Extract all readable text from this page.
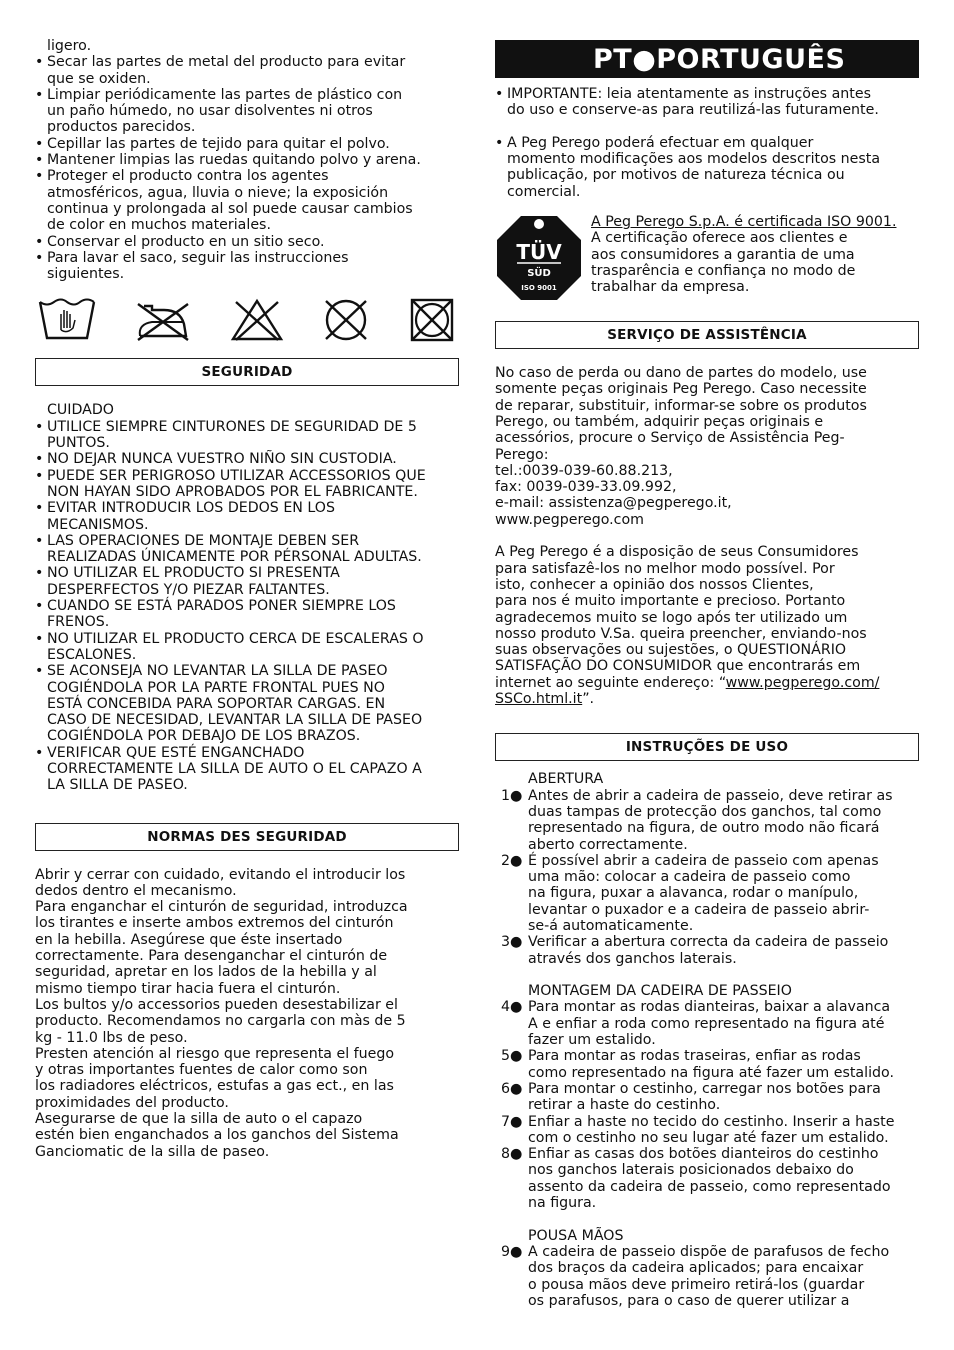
ligero.
• Secar las partes de metal del producto para evitar
que se oxiden.
• Limpiar periódicamente las partes de plástico con
un paño húmedo, no usar disolventes ni otros
productos parecidos.
• Cepillar las partes de tejido para quitar el polvo.
• Mantener limpias las ruedas quitando polvo y arena.
• Proteger el producto contra los agentes
atmosféricos, agua, lluvia o nieve; la exposición
continua y prolongada al sol puede causar cambios
de color en muchos materiales.
• Conservar el producto en un sitio seco.
• Para lavar el saco, seguir las instrucciones
siguientes.
SEGURIDAD
CUIDADO
• UTILICE SIEMPRE CINTURONES DE SEGURIDAD DE 5
PUNTOS.
• NO DEJAR NUNCA VUESTRO NIÑO SIN CUSTODIA.
• PUEDE SER PERIGROSO UTILIZAR ACCESSORIOS QUE
NON HAYAN SIDO APROBADOS POR EL FABRICANTE.
• EVITAR INTRODUCIR LOS DEDOS EN LOS
MECANISMOS.
• LAS OPERACIONES DE MONTAJE DEBEN SER
REALIZADAS ÚNICAMENTE POR PÉRSONAL ADULTAS.
• NO UTILIZAR EL PRODUCTO SI PRESENTA
DESPERFECTOS Y/O PIEZAR FALTANTES.
• CUANDO SE ESTÁ PARADOS PONER SIEMPRE LOS
FRENOS.
• NO UTILIZAR EL PRODUCTO CERCA DE ESCALERAS O
ESCALONES.
• SE ACONSEJA NO LEVANTAR LA SILLA DE PASEO
COGIÉNDOLA POR LA PARTE FRONTAL PUES NO
ESTÁ CONCEBIDA PARA SOPORTAR CARGAS. EN
CASO DE NECESIDAD, LEVANTAR LA SILLA DE PASEO
COGIÉNDOLA POR DEBAJO DE LOS BRAZOS.
• VERIFICAR QUE ESTÉ ENGANCHADO
CORRECTAMENTE LA SILLA DE AUTO O EL CAPAZO A
LA SILLA DE PASEO.
NORMAS DES SEGURIDAD
Abrir y cerrar con cuidado, evitando el introducir los
dedos dentro el mecanismo.
Para enganchar el cinturón de seguridad, introduzca
los tirantes e inserte ambos extremos del cinturón
en la hebilla. Asegúrese que éste insertado
correctamente. Para desenganchar el cinturón de
seguridad, apretar en los lados de la hebilla y al
mismo tiempo tirar hacia fuera el cinturón.
Los bultos y/o accessorios pueden desestabilizar el
producto. Recomendamos no cargarla con màs de 5
kg - 11.0 lbs de peso.
Presten atención al riesgo que representa el fuego
y otras importantes fuentes de calor como son
los radiadores eléctricos, estufas a gas ect., en las
proximidades del producto.
Asegurarse de que la silla de auto o el capazo
estén bien enganchados a los ganchos del Sistema
Ganciomatic de la silla de paseo.
PT●PORTUGUÊS
• IMPORTANTE: leia atentamente as instruções antes
do uso e conserve-as para reutilizá-las futuramente.
• A Peg Perego poderá efectuar em qualquer
momento modificações aos modelos descritos nesta
publicação, por motivos de natureza técnica ou
comercial.
TÜV
SÜD
ISO 9001
A Peg Perego S.p.A. é certificada ISO 9001.
A certificação oferece aos clientes e
aos consumidores a garantia de uma
trasparência e confiança no modo de
trabalhar da empresa.
SERVIÇO DE ASSISTÊNCIA
No caso de perda ou dano de partes do modelo, use
somente peças originais Peg Perego. Caso necessite
de reparar, substituir, informar-se sobre os produtos
Perego, ou também, adquirir peças originais e
acessórios, procure o Serviço de Assistência Peg-
Perego:
tel.:0039-039-60.88.213,
fax: 0039-039-33.09.992,
e-mail: assistenza@pegperego.it,
www.pegperego.com
A Peg Perego é a disposição de seus Consumidores
para satisfazê-los no melhor modo possível. Por
isto, conhecer a opinião dos nossos Clientes,
para nos é muito importante e precioso. Portanto
agradecemos muito se logo após ter utilizado um
nosso produto V.Sa. queira preencher, enviando-nos
suas observações ou sujestões, o QUESTIONÁRIO
SATISFAÇÃO DO CONSUMIDOR que encontrarás em
internet ao seguinte endereço: “www.pegperego.com/
SSCo.html.it”.
INSTRUÇÕES DE USO
ABERTURA
1● Antes de abrir a cadeira de passeio, deve retirar as
duas tampas de protecção dos ganchos, tal como
representado na figura, de outro modo não ficará
aberto correctamente.
2● É possível abrir a cadeira de passeio com apenas
uma mão: colocar a cadeira de passeio como
na figura, puxar a alavanca, rodar o manípulo,
levantar o puxador e a cadeira de passeio abrir-
se-á automaticamente.
3● Verificar a abertura correcta da cadeira de passeio
através dos ganchos laterais.
MONTAGEM DA CADEIRA DE PASSEIO
4● Para montar as rodas dianteiras, baixar a alavanca
A e enfiar a roda como representado na figura até
fazer um estalido.
5● Para montar as rodas traseiras, enfiar as rodas
como representado na figura até fazer um estalido.
6● Para montar o cestinho, carregar nos botões para
retirar a haste do cestinho.
7● Enfiar a haste no tecido do cestinho. Inserir a haste
com o cestinho no seu lugar até fazer um estalido.
8● Enfiar as casas dos botões dianteiros do cestinho
nos ganchos laterais posicionados debaixo do
assento da cadeira de passeio, como representado
na figura.
POUSA MÃOS
9● A cadeira de passeio dispõe de parafusos de fecho
dos braços da cadeira aplicados; para encaixar
o pousa mãos deve primeiro retirá-los (guardar
os parafusos, para o caso de querer utilizar a
